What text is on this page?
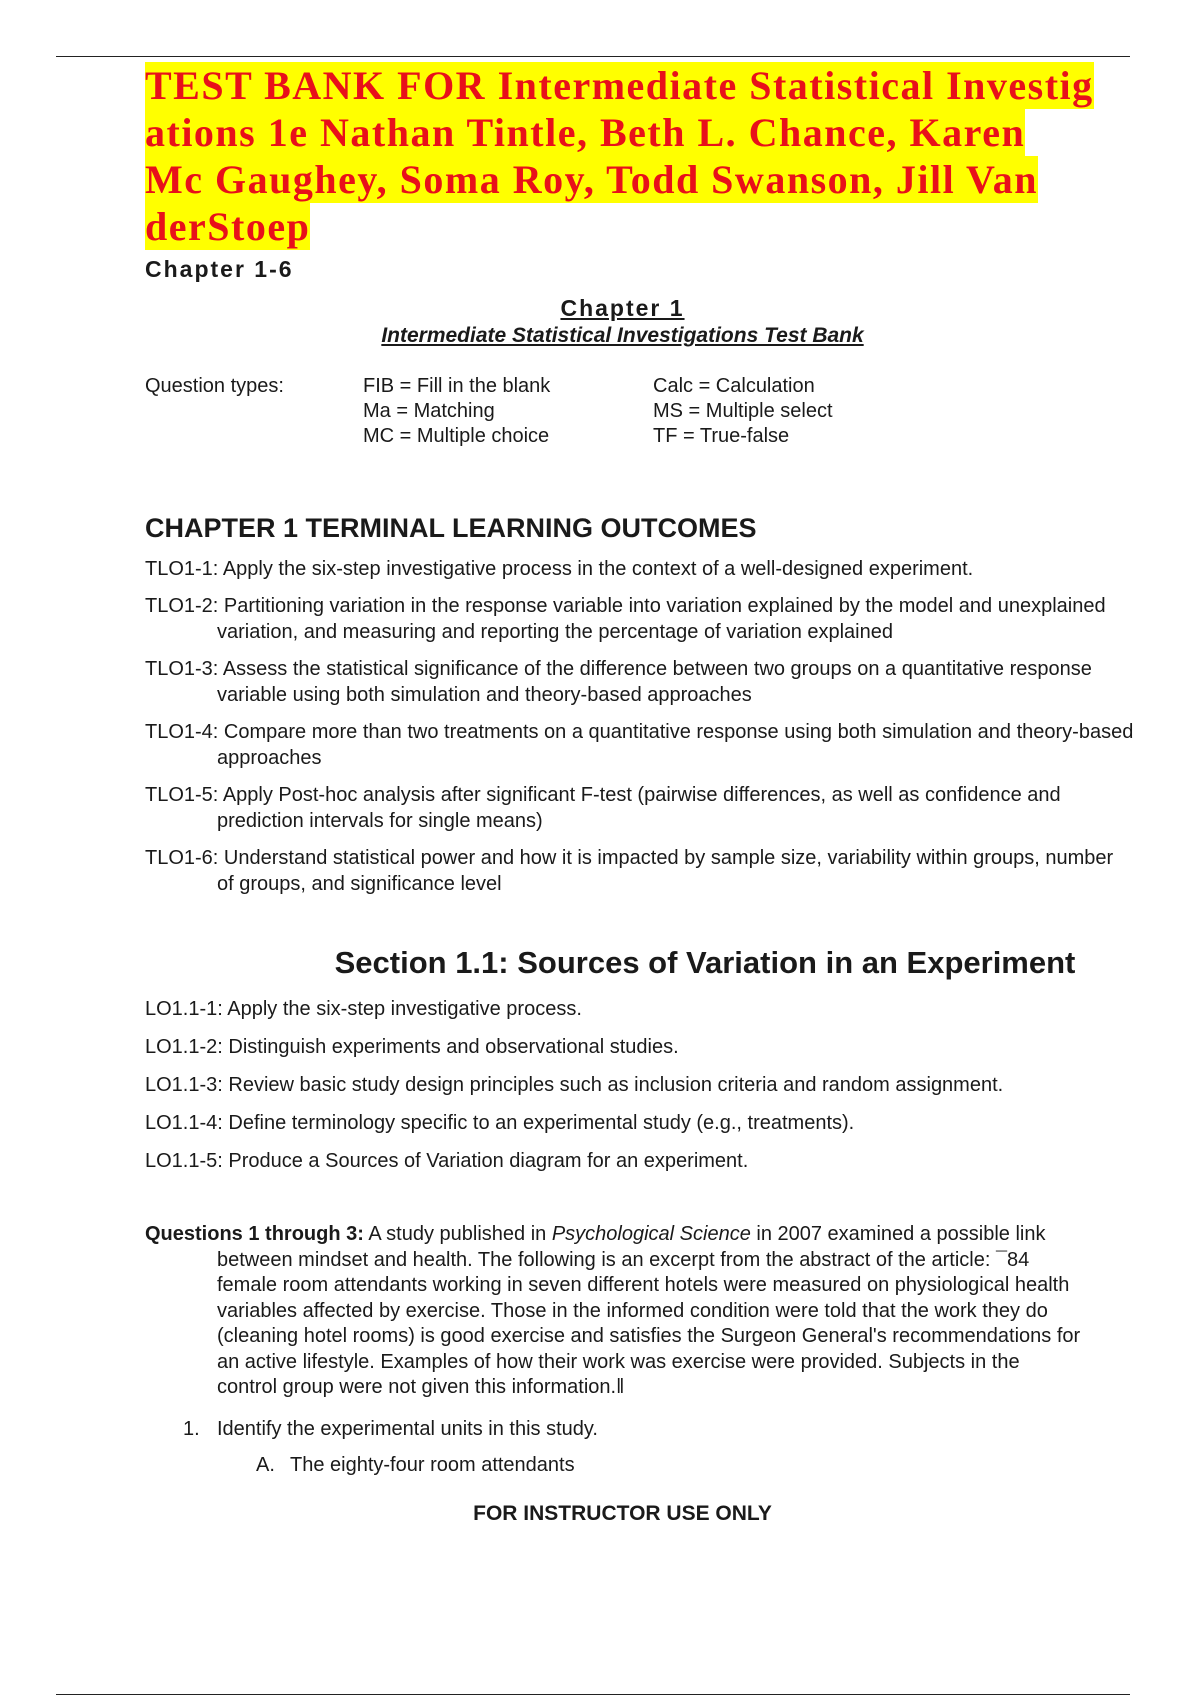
TEST BANK FOR Intermediate Statistical Investig
ations 1e Nathan Tintle, Beth L. Chance, Karen
Mc Gaughey, Soma Roy, Todd Swanson, Jill Van
derStoep
Chapter 1-6
Chapter 1
Intermediate Statistical Investigations Test Bank
Question types:	FIB = Fill in the blank	Calc = Calculation
Ma = Matching	MS = Multiple select
MC = Multiple choice	TF = True-false
CHAPTER 1 TERMINAL LEARNING OUTCOMES
TLO1-1: Apply the six-step investigative process in the context of a well-designed experiment.
TLO1-2: Partitioning variation in the response variable into variation explained by the model and unexplained variation, and measuring and reporting the percentage of variation explained
TLO1-3: Assess the statistical significance of the difference between two groups on a quantitative response variable using both simulation and theory-based approaches
TLO1-4: Compare more than two treatments on a quantitative response using both simulation and theory-based approaches
TLO1-5: Apply Post-hoc analysis after significant F-test (pairwise differences, as well as confidence and prediction intervals for single means)
TLO1-6: Understand statistical power and how it is impacted by sample size, variability within groups, number of groups, and significance level
Section 1.1: Sources of Variation in an Experiment
LO1.1-1: Apply the six-step investigative process.
LO1.1-2: Distinguish experiments and observational studies.
LO1.1-3: Review basic study design principles such as inclusion criteria and random assignment.
LO1.1-4: Define terminology specific to an experimental study (e.g., treatments).
LO1.1-5: Produce a Sources of Variation diagram for an experiment.

Questions 1 through 3: A study published in Psychological Science in 2007 examined a possible link between mindset and health. The following is an excerpt from the abstract of the article: ¯84 female room attendants working in seven different hotels were measured on physiological health variables affected by exercise. Those in the informed condition were told that the work they do (cleaning hotel rooms) is good exercise and satisfies the Surgeon General's recommendations for an active lifestyle. Examples of how their work was exercise were provided. Subjects in the control group were not given this information.‖

1. Identify the experimental units in this study.
A. The eighty-four room attendants
FOR INSTRUCTOR USE ONLY
